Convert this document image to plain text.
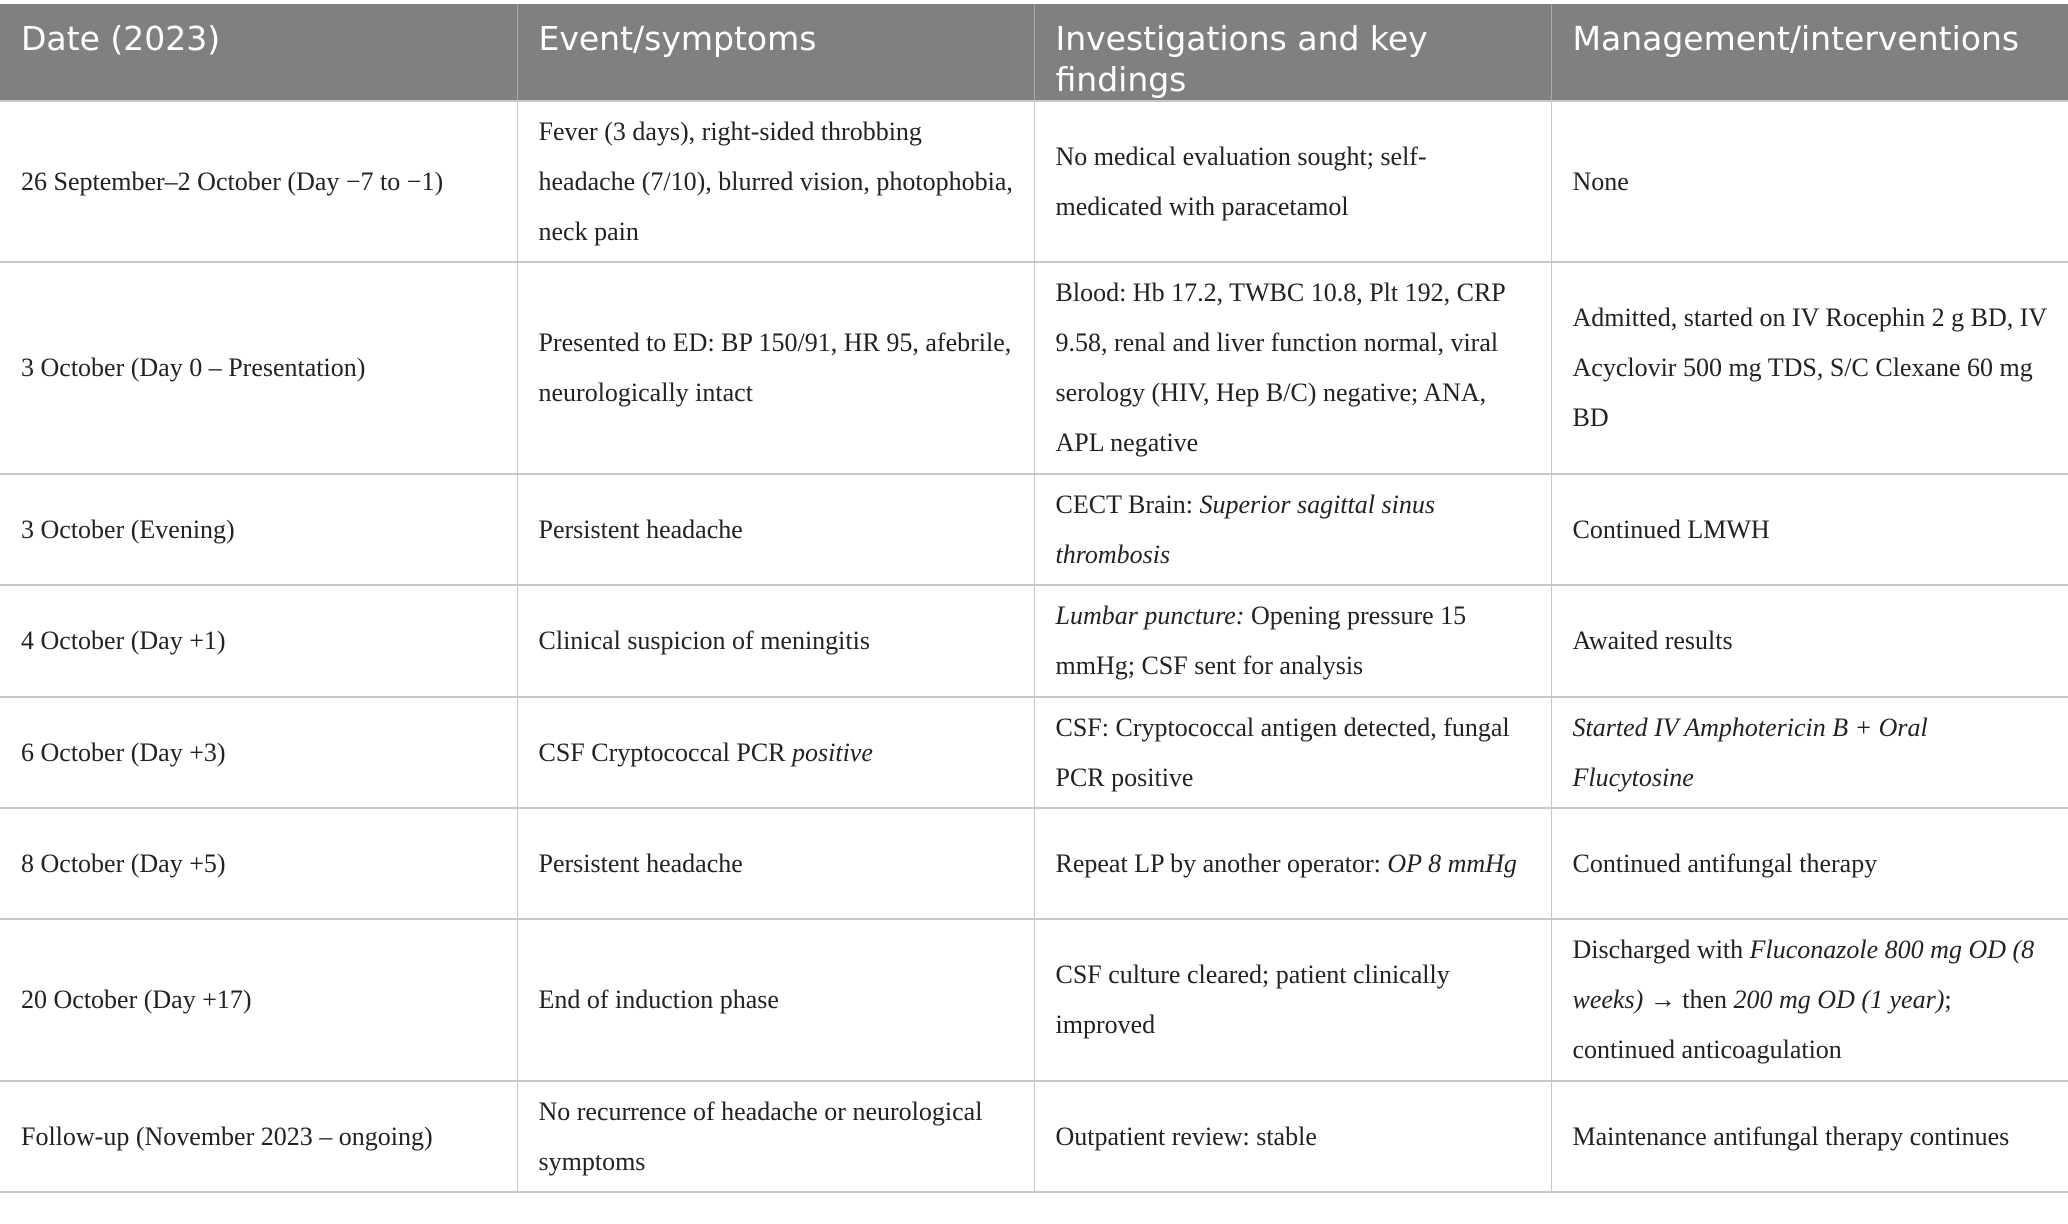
Date (2023)	Event/symptoms	Investigations and key findings	Management/interventions
26 September–2 October (Day −7 to −1)	Fever (3 days), right-sided throbbing headache (7/10), blurred vision, photophobia, neck pain	No medical evaluation sought; self-medicated with paracetamol	None
3 October (Day 0 – Presentation)	Presented to ED: BP 150/91, HR 95, afebrile, neurologically intact	Blood: Hb 17.2, TWBC 10.8, Plt 192, CRP 9.58, renal and liver function normal, viral serology (HIV, Hep B/C) negative; ANA, APL negative	Admitted, started on IV Rocephin 2 g BD, IV Acyclovir 500 mg TDS, S/C Clexane 60 mg BD
3 October (Evening)	Persistent headache	CECT Brain: Superior sagittal sinus thrombosis	Continued LMWH
4 October (Day +1)	Clinical suspicion of meningitis	Lumbar puncture: Opening pressure 15 mmHg; CSF sent for analysis	Awaited results
6 October (Day +3)	CSF Cryptococcal PCR positive	CSF: Cryptococcal antigen detected, fungal PCR positive	Started IV Amphotericin B + Oral Flucytosine
8 October (Day +5)	Persistent headache	Repeat LP by another operator: OP 8 mmHg	Continued antifungal therapy
20 October (Day +17)	End of induction phase	CSF culture cleared; patient clinically improved	Discharged with Fluconazole 800 mg OD (8 weeks) → then 200 mg OD (1 year); continued anticoagulation
Follow-up (November 2023 – ongoing)	No recurrence of headache or neurological symptoms	Outpatient review: stable	Maintenance antifungal therapy continues
